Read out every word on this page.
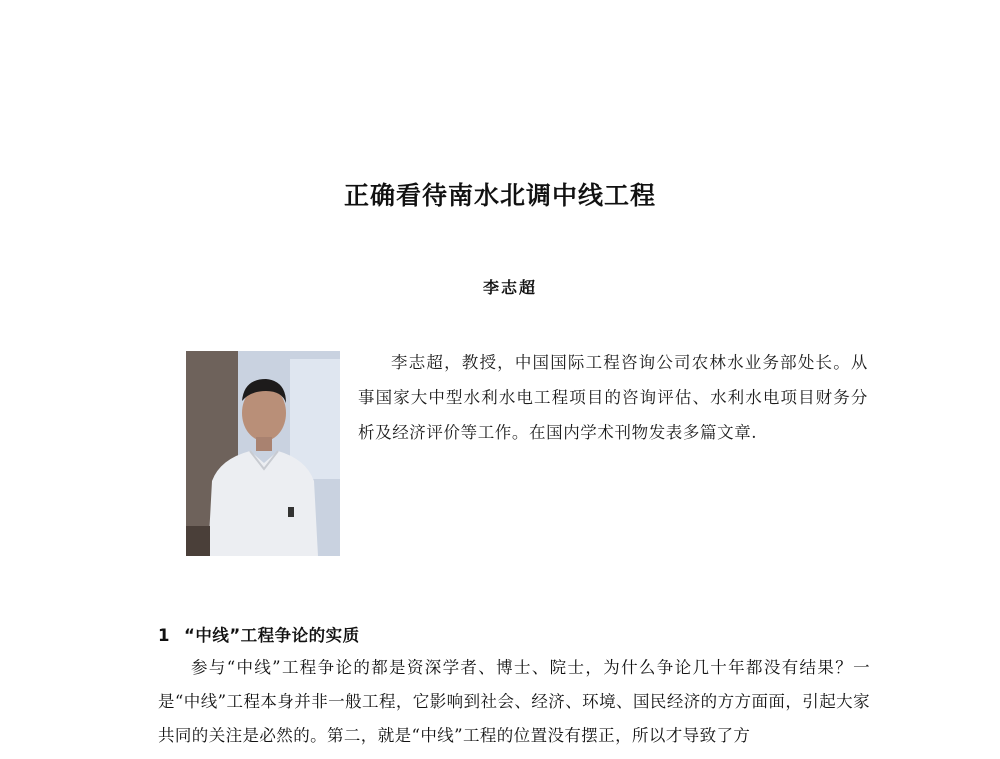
正确看待南水北调中线工程
李志超
李志超，教授，中国国际工程咨询公司农林水业务部处长。从事国家大中型水利水电工程项目的咨询评估、水利水电项目财务分析及经济评价等工作。在国内学术刊物发表多篇文章.
1 “中线”工程争论的实质
参与“中线”工程争论的都是资深学者、博士、院士，为什么争论几十年都没有结果？一是“中线”工程本身并非一般工程，它影响到社会、经济、环境、国民经济的方方面面，引起大家共同的关注是必然的。第二，就是“中线”工程的位置没有摆正，所以才导致了方
